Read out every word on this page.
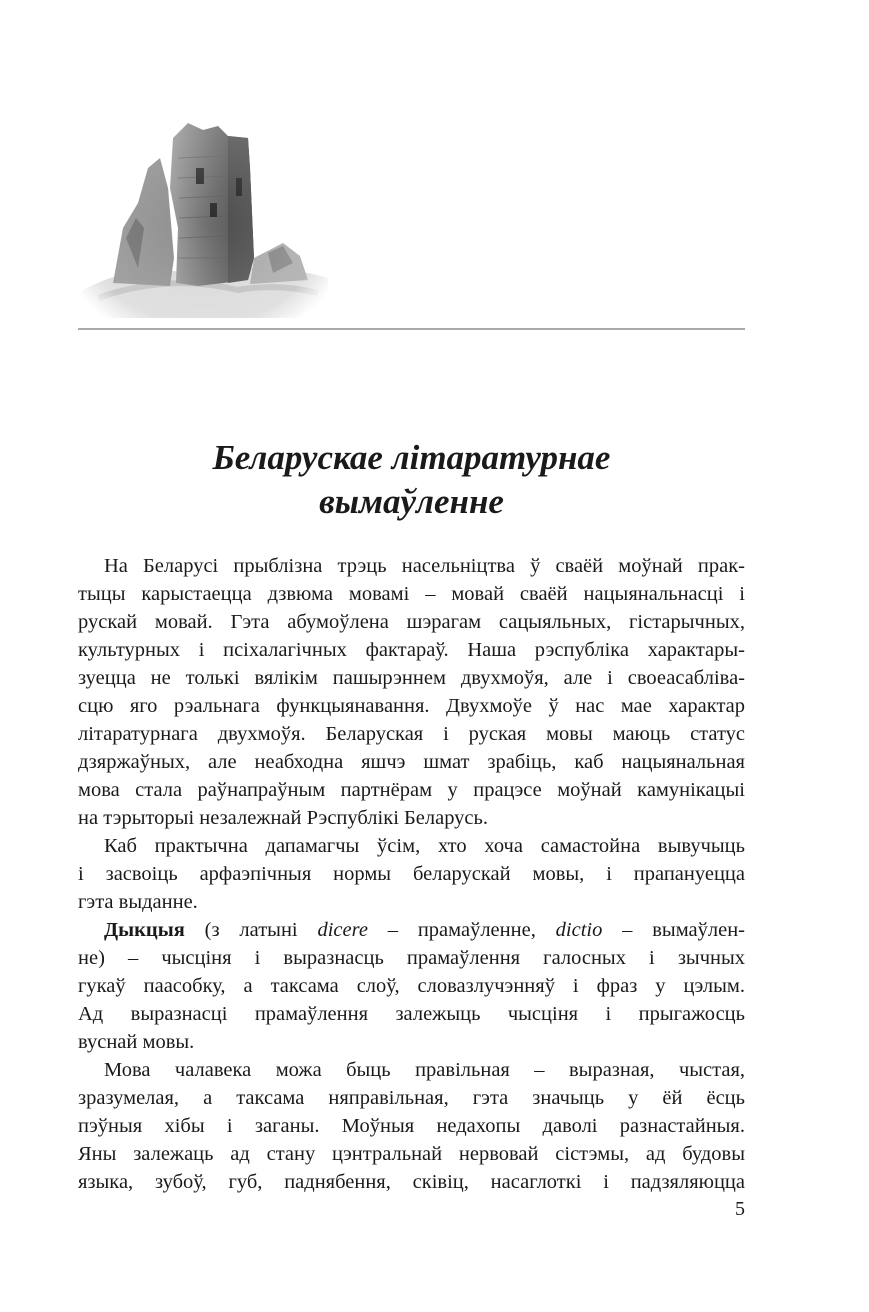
Беларускае літаратурнае
вымаўленне

На Беларусі прыблізна трэць насельніцтва ў сваёй моўнай прак-
тыцы карыстаецца дзвюма мовамі – мовай сваёй нацыянальнасці і
рускай мовай. Гэта абумоўлена шэрагам сацыяльных, гістарычных,
культурных і псіхалагічных фактараў. Наша рэспубліка характары-
зуецца не толькі вялікім пашырэннем двухмоўя, але і своеасабліва-
сцю яго рэальнага функцыянавання. Двухмоўе ў нас мае характар
літаратурнага двухмоўя. Беларуская і руская мовы маюць статус
дзяржаўных, але неабходна яшчэ шмат зрабіць, каб нацыянальная
мова стала раўнапраўным партнёрам у працэсе моўнай камунікацыі
на тэрыторыі незалежнай Рэспублікі Беларусь.

Каб практычна дапамагчы ўсім, хто хоча самастойна вывучыць
і засвоіць арфаэпічныя нормы беларускай мовы, і прапануецца
гэта выданне.

Дыкцыя (з латыні dicere – прамаўленне, dictio – вымаўлен-
не) – чысціня і выразнасць прамаўлення галосных і зычных
гукаў паасобку, а таксама слоў, словазлучэнняў і фраз у цэлым.
Ад выразнасці прамаўлення залежыць чысціня і прыгажосць
вуснай мовы.

Мова чалавека можа быць правільная – выразная, чыстая,
зразумелая, а таксама няправільная, гэта значыць у ёй ёсць
пэўныя хібы і заганы. Моўныя недахопы даволі разнастайныя.
Яны залежаць ад стану цэнтральнай нервовай сістэмы, ад будовы
языка, зубоў, губ, паднябення, сківіц, насаглоткі і падзяляюцца

5
